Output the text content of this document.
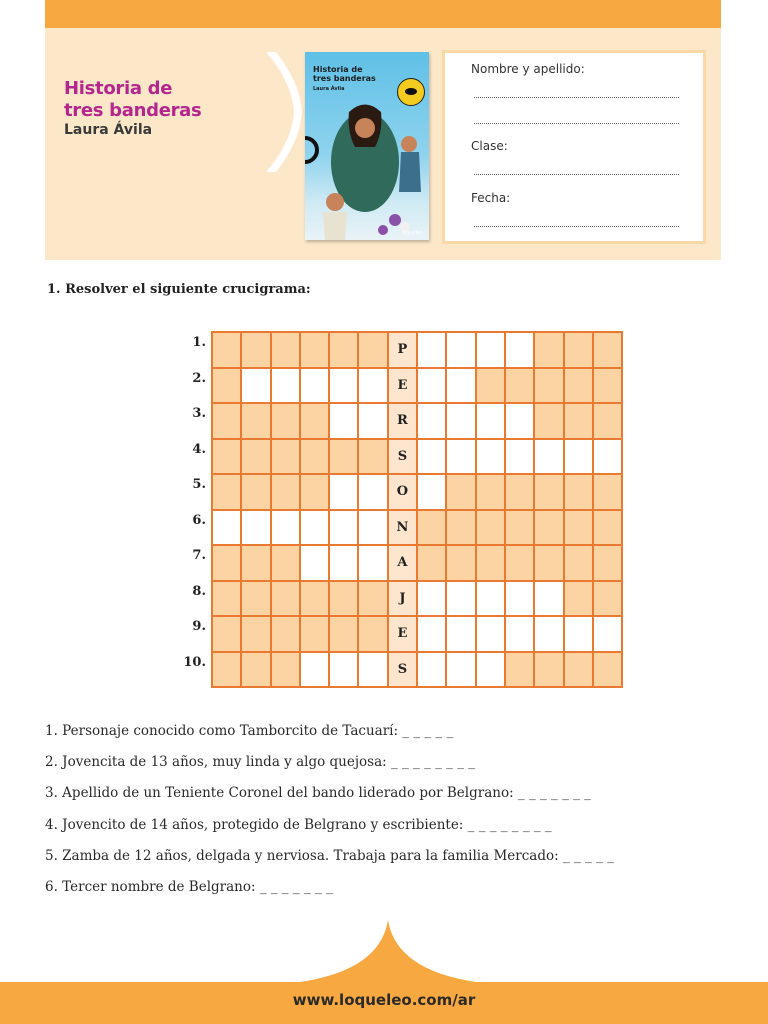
Historia de
tres banderas
Laura Ávila
Historia de
tres banderas
Laura Ávila
loqueleo
Nombre y apellido:
Clase:
Fecha:
1. Resolver el siguiente crucigrama:
1.
2.
3.
4.
5.
6.
7.
8.
9.
10.
P
E
R
S
O
N
A
J
E
S
1. Personaje conocido como Tamborcito de Tacuarí: _ _ _ _ _
2. Jovencita de 13 años, muy linda y algo quejosa: _ _ _ _ _ _ _ _
3. Apellido de un Teniente Coronel del bando liderado por Belgrano: _ _ _ _ _ _ _
4. Jovencito de 14 años, protegido de Belgrano y escribiente: _ _ _ _ _ _ _ _
5. Zamba de 12 años, delgada y nerviosa. Trabaja para la familia Mercado: _ _ _ _ _
6. Tercer nombre de Belgrano: _ _ _ _ _ _ _
www.loqueleo.com/ar
